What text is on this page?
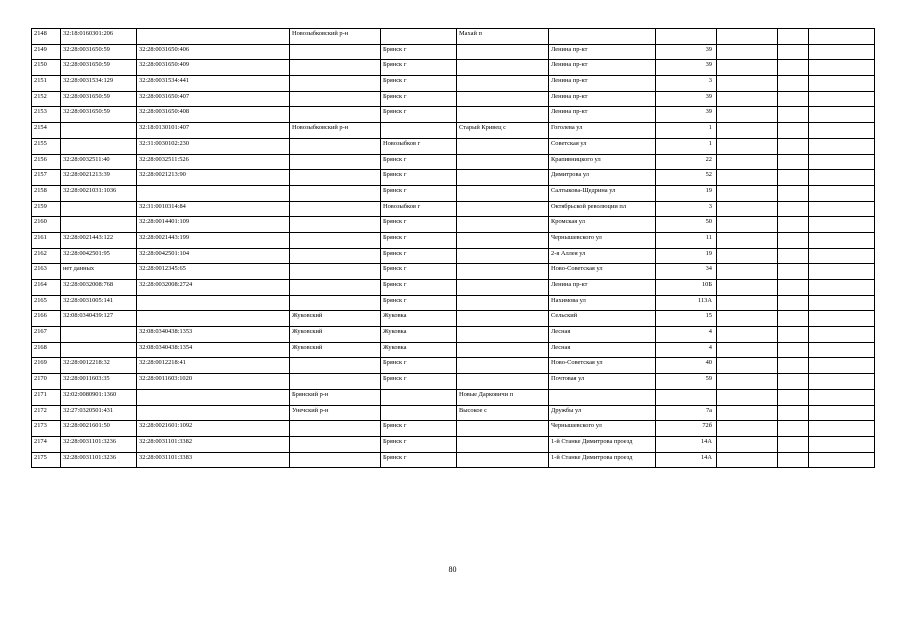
2148	32:18:0160301:206		Новозыбковский р-н		Махай п					
2149	32:28:0031650:59	32:28:0031650:406		Брянск г		Ленина пр-кт	39			
2150	32:28:0031650:59	32:28:0031650:409		Брянск г		Ленина пр-кт	39			
2151	32:28:0031534:129	32:28:0031534:441		Брянск г		Ленина пр-кт	3			
2152	32:28:0031650:59	32:28:0031650:407		Брянск г		Ленина пр-кт	39			
2153	32:28:0031650:59	32:28:0031650:408		Брянск г		Ленина пр-кт	39			
2154		32:18:0130101:407	Новозыбковский р-н		Старый Кривец с	Гоголева ул	1			
2155		32:31:0030102:230		Новозыбков г		Советская ул	1			
2156	32:28:0032511:40	32:28:0032511:526		Брянск г		Крапивницкого ул	22			
2157	32:28:0021213:39	32:28:0021213:90		Брянск г		Димитрова ул	52			
2158	32:28:0021031:1036			Брянск г		Салтыкова-Щедрина ул	19			
2159		32:31:0010314:84		Новозыбков г		Октябрьской революции пл	3			
2160		32:28:0014401:109		Брянск г		Кромская ул	50			
2161	32:28:0021443:122	32:28:0021443:199		Брянск г		Чернышевского ул	11			
2162	32:28:0042501:95	32:28:0042501:104		Брянск г		2-я Аллея ул	19			
2163	нет данных	32:28:0012345:65		Брянск г		Ново-Советская ул	34			
2164	32:28:0032008:768	32:28:0032008:2724		Брянск г		Ленина пр-кт	10Б			
2165	32:28:0031005:141			Брянск г		Нахимова ул	113А			
2166	32:08:0340439:127		Жуковский	Жуковка		Сельский	15			
2167		32:08:0340438:1353	Жуковский	Жуковка		Лесная	4			
2168		32:08:0340438:1354	Жуковский	Жуковка		Лесная	4			
2169	32:28:0012218:32	32:28:0012218:41		Брянск г		Ново-Советская ул	40			
2170	32:28:0011603:35	32:28:0011603:1020		Брянск г		Почтовая ул	59			
2171	32:02:0080901:1360		Брянский р-н		Новые Дарковичи п					
2172	32:27:0320501:431		Унечский р-н		Высокое с	Дружбы ул	7а			
2173	32:28:0021601:50	32:28:0021601:1092		Брянск г		Чернышевского ул	72б			
2174	32:28:0031101:3236	32:28:0031101:3382		Брянск г		1-й Станке Димитрова проезд	14А			
2175	32:28:0031101:3236	32:28:0031101:3383		Брянск г		1-й Станке Димитрова проезд	14А			
80
